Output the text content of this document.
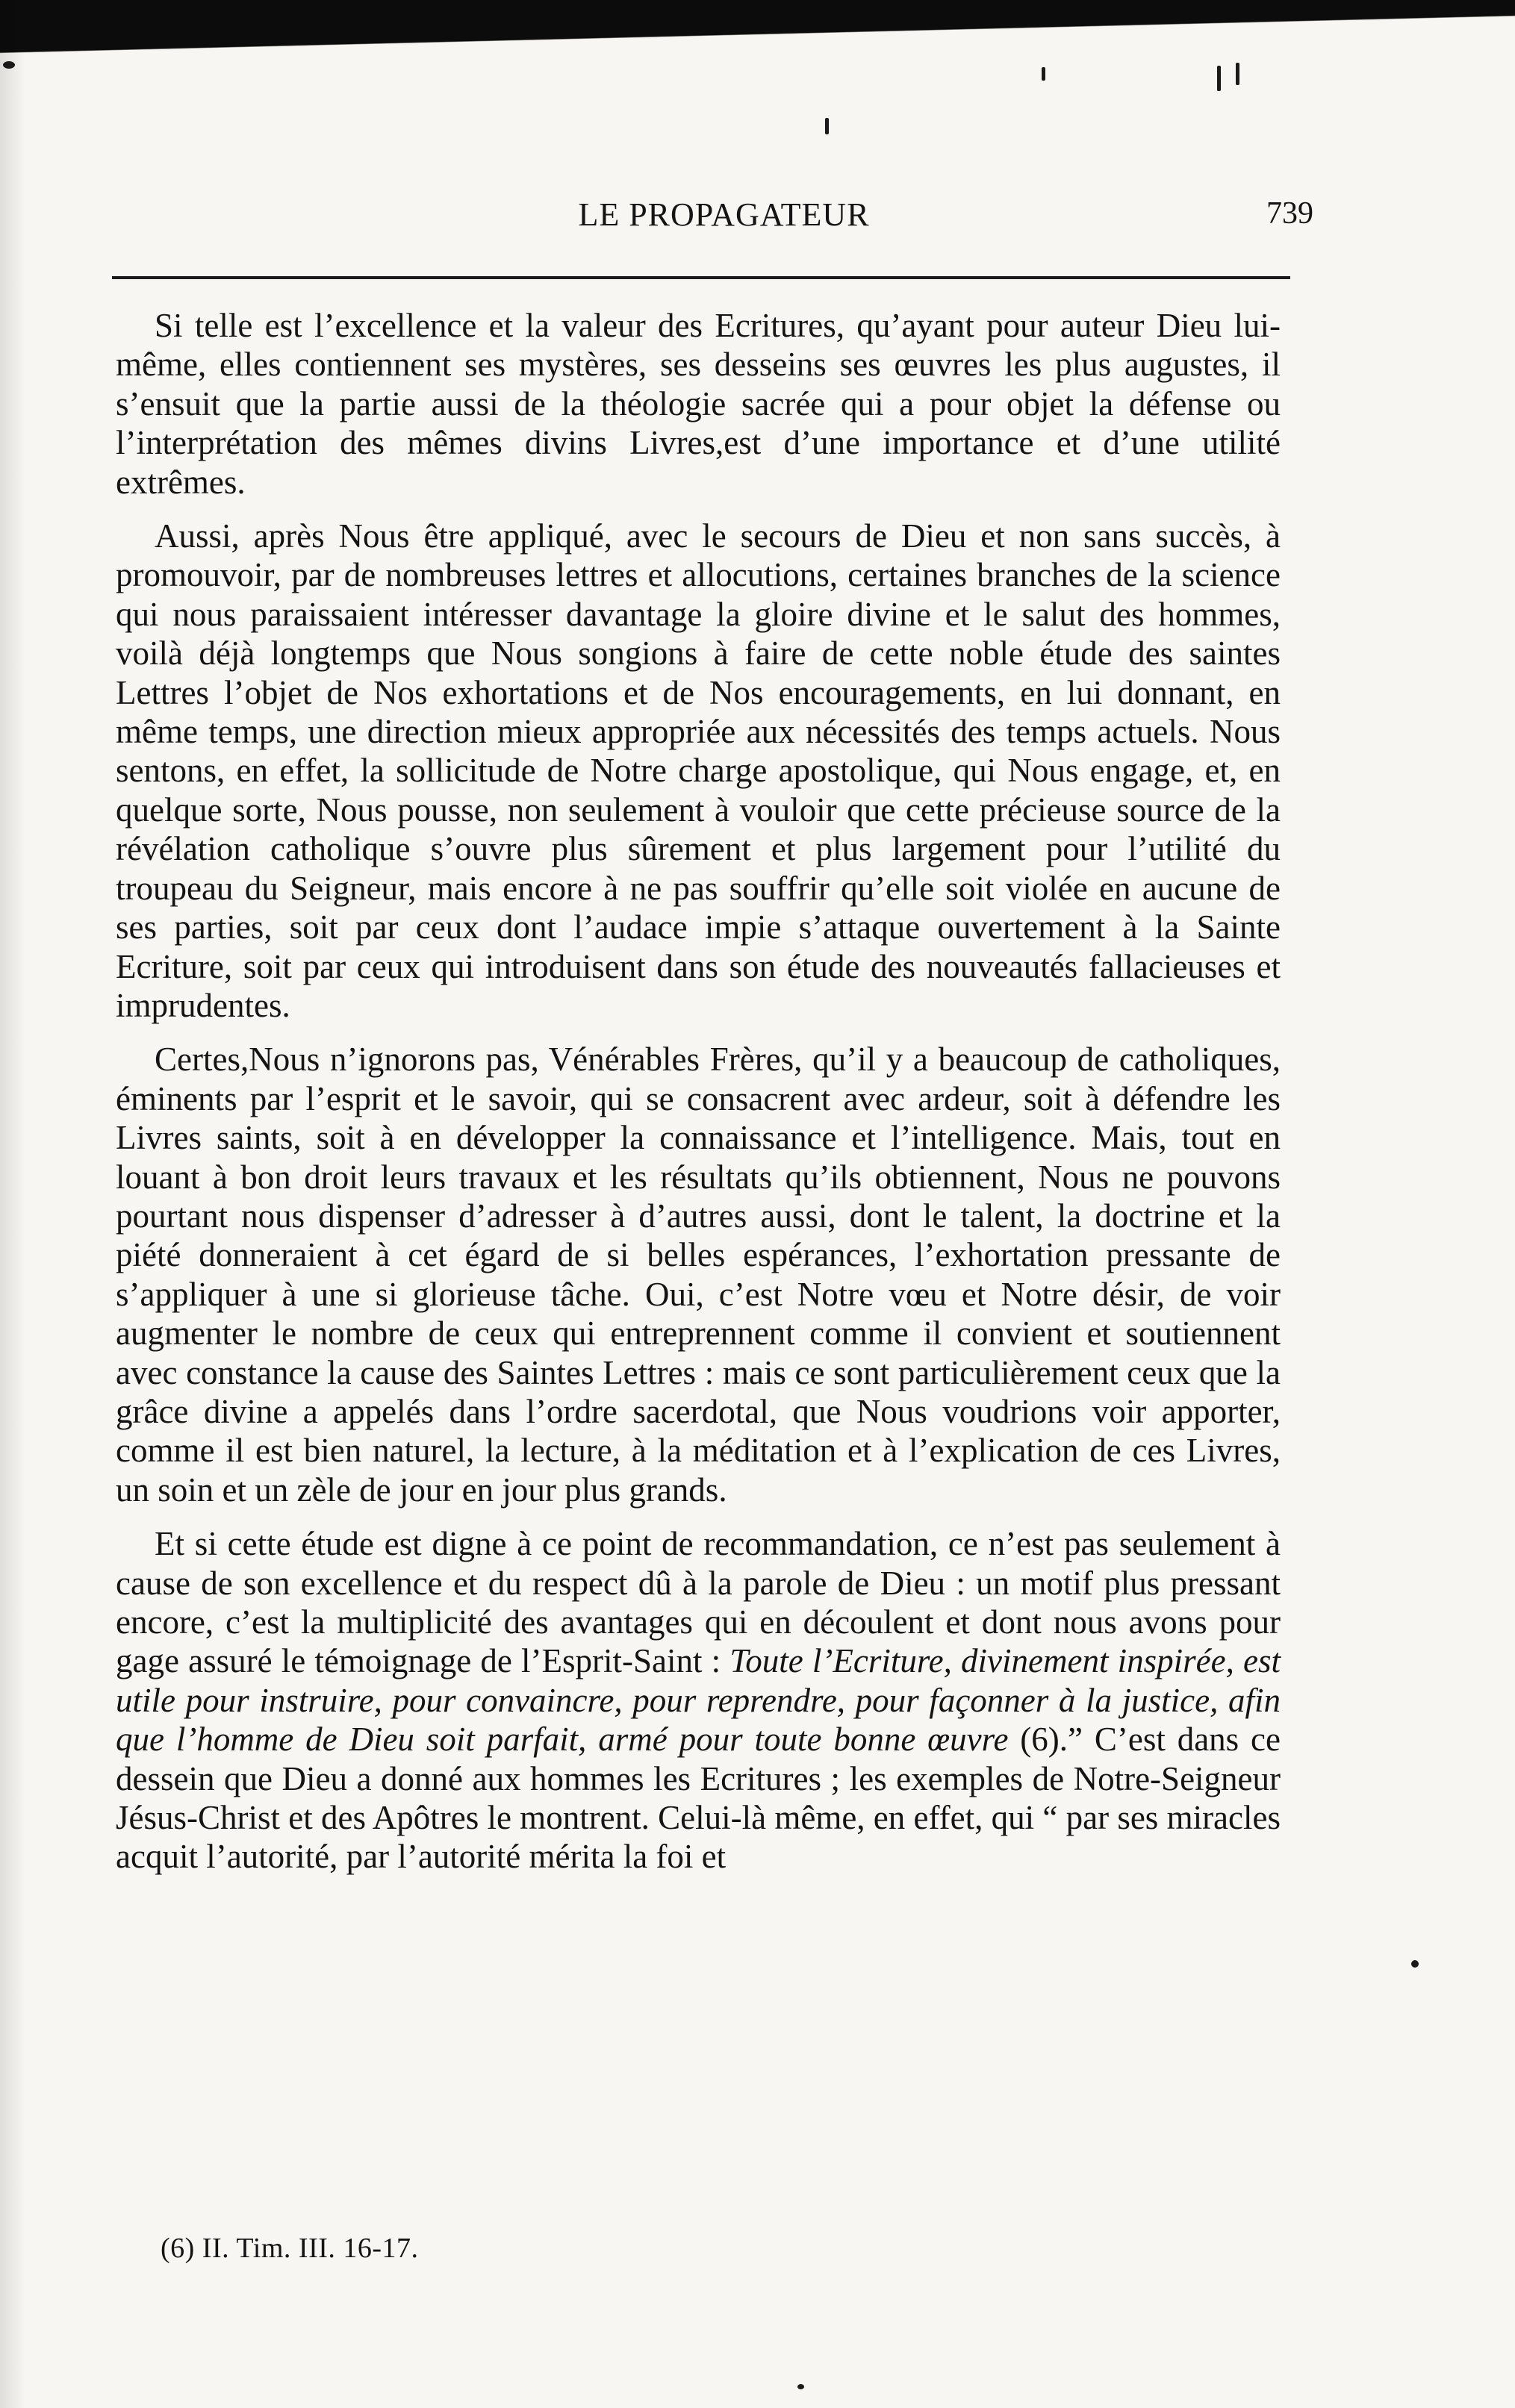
LE PROPAGATEUR	739

Si telle est l’excellence et la valeur des Ecritures, qu’ayant pour auteur Dieu lui-même, elles contiennent ses mystères, ses desseins ses œuvres les plus augustes, il s’ensuit que la partie aussi de la théologie sacrée qui a pour objet la défense ou l’interprétation des mêmes divins Livres,est d’une importance et d’une utilité extrêmes.

Aussi, après Nous être appliqué, avec le secours de Dieu et non sans succès, à promouvoir, par de nombreuses lettres et allocutions, certaines branches de la science qui nous paraissaient intéresser davantage la gloire divine et le salut des hommes, voilà déjà longtemps que Nous songions à faire de cette noble étude des saintes Lettres l’objet de Nos exhortations et de Nos encouragements, en lui donnant, en même temps, une direction mieux appropriée aux nécessités des temps actuels. Nous sentons, en effet, la sollicitude de Notre charge apostolique, qui Nous engage, et, en quelque sorte, Nous pousse, non seulement à vouloir que cette précieuse source de la révélation catholique s’ouvre plus sûrement et plus largement pour l’utilité du troupeau du Seigneur, mais encore à ne pas souffrir qu’elle soit violée en aucune de ses parties, soit par ceux dont l’audace impie s’attaque ouvertement à la Sainte Ecriture, soit par ceux qui introduisent dans son étude des nouveautés fallacieuses et imprudentes.

Certes,Nous n’ignorons pas, Vénérables Frères, qu’il y a beaucoup de catholiques, éminents par l’esprit et le savoir, qui se consacrent avec ardeur, soit à défendre les Livres saints, soit à en développer la connaissance et l’intelligence. Mais, tout en louant à bon droit leurs travaux et les résultats qu’ils obtiennent, Nous ne pouvons pourtant nous dispenser d’adresser à d’autres aussi, dont le talent, la doctrine et la piété donneraient à cet égard de si belles espérances, l’exhortation pressante de s’appliquer à une si glorieuse tâche. Oui, c’est Notre vœu et Notre désir, de voir augmenter le nombre de ceux qui entreprennent comme il convient et soutiennent avec constance la cause des Saintes Lettres : mais ce sont particulièrement ceux que la grâce divine a appelés dans l’ordre sacerdotal, que Nous voudrions voir apporter, comme il est bien naturel, la lecture, à la méditation et à l’explication de ces Livres, un soin et un zèle de jour en jour plus grands.

Et si cette étude est digne à ce point de recommandation, ce n’est pas seulement à cause de son excellence et du respect dû à la parole de Dieu : un motif plus pressant encore, c’est la multiplicité des avantages qui en découlent et dont nous avons pour gage assuré le témoignage de l’Esprit-Saint : Toute l’Ecriture, divinement inspirée, est utile pour instruire, pour convaincre, pour reprendre, pour façonner à la justice, afin que l’homme de Dieu soit parfait, armé pour toute bonne œuvre (6).” C’est dans ce dessein que Dieu a donné aux hommes les Ecritures ; les exemples de Notre-Seigneur Jésus-Christ et des Apôtres le montrent. Celui-là même, en effet, qui “ par ses miracles acquit l’autorité, par l’autorité mérita la foi et

(6) II. Tim. III. 16-17.
